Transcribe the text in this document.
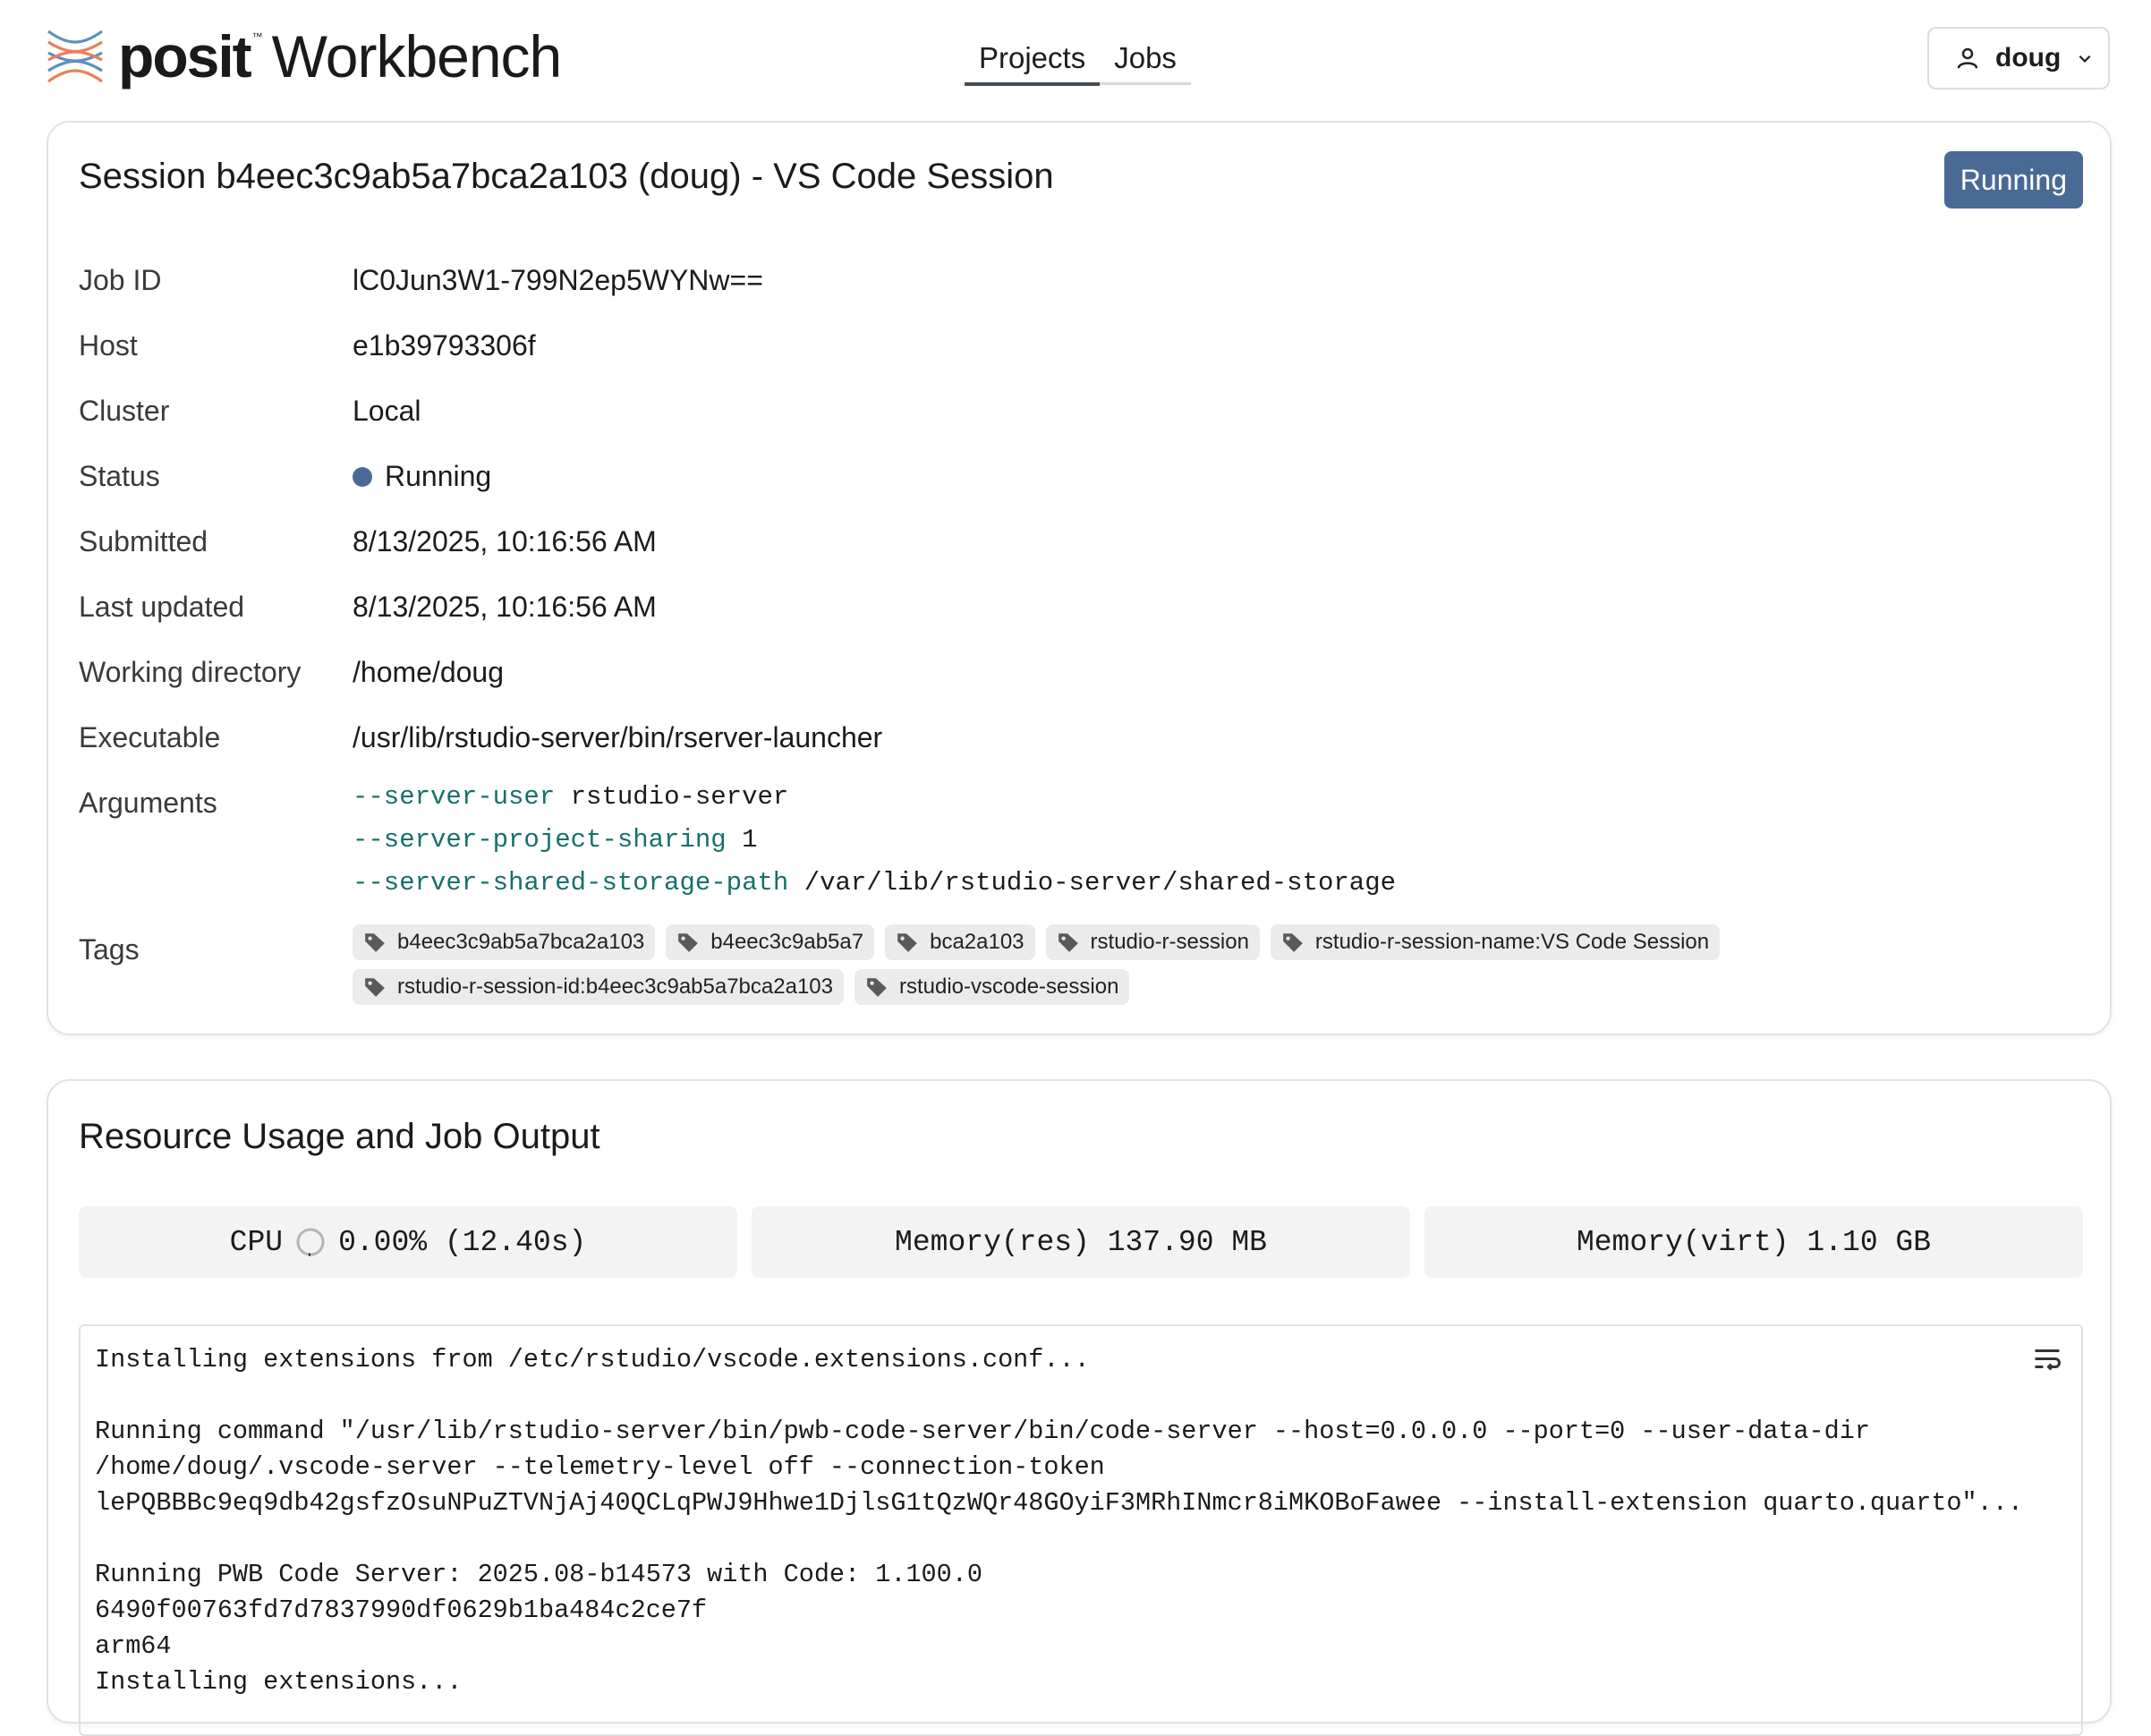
posit ™ Workbench	Projects Jobs	doug
Session b4eec3c9ab5a7bca2a103 (doug) - VS Code Session	Running
Job ID	lC0Jun3W1-799N2ep5WYNw==
Host	e1b39793306f
Cluster	Local
Status	Running
Submitted	8/13/2025, 10:16:56 AM
Last updated	8/13/2025, 10:16:56 AM
Working directory /home/doug
Executable	/usr/lib/rstudio-server/bin/rserver-launcher
Arguments	--server-user rstudio-server
--server-project-sharing 1
--server-shared-storage-path /var/lib/rstudio-server/shared-storage
Tags	b4eec3c9ab5a7bca2a103	b4eec3c9ab5a7	bca2a103	rstudio-r-session	rstudio-r-session-name:VS Code Session

rstudio-r-session-id:b4eec3c9ab5a7bca2a103	rstudio-vscode-session
Resource Usage and Job Output
CPU 0.00% (12.40s)	Memory(res)
137.90 MB	Memory(virt)
1.10 GB
Installing extensions from /etc/rstudio/vscode.extensions.conf...

Running command "/usr/lib/rstudio-server/bin/pwb-code-server/bin/code-server --host=0.0.0.0 --port=0 --user-data-dir
/home/doug/.vscode-server --telemetry-level off --connection-token
lePQBBBc9eq9db42gsfzOsuNPuZTVNjAj40QCLqPWJ9Hhwe1DjlsG1tQzWQr48GOyiF3MRhINmcr8iMKOBoFawee --install-extension quarto.quarto"...

Running PWB Code Server: 2025.08-b14573 with Code: 1.100.0
6490f00763fd7d7837990df0629b1ba484c2ce7f
arm64
Installing extensions...
